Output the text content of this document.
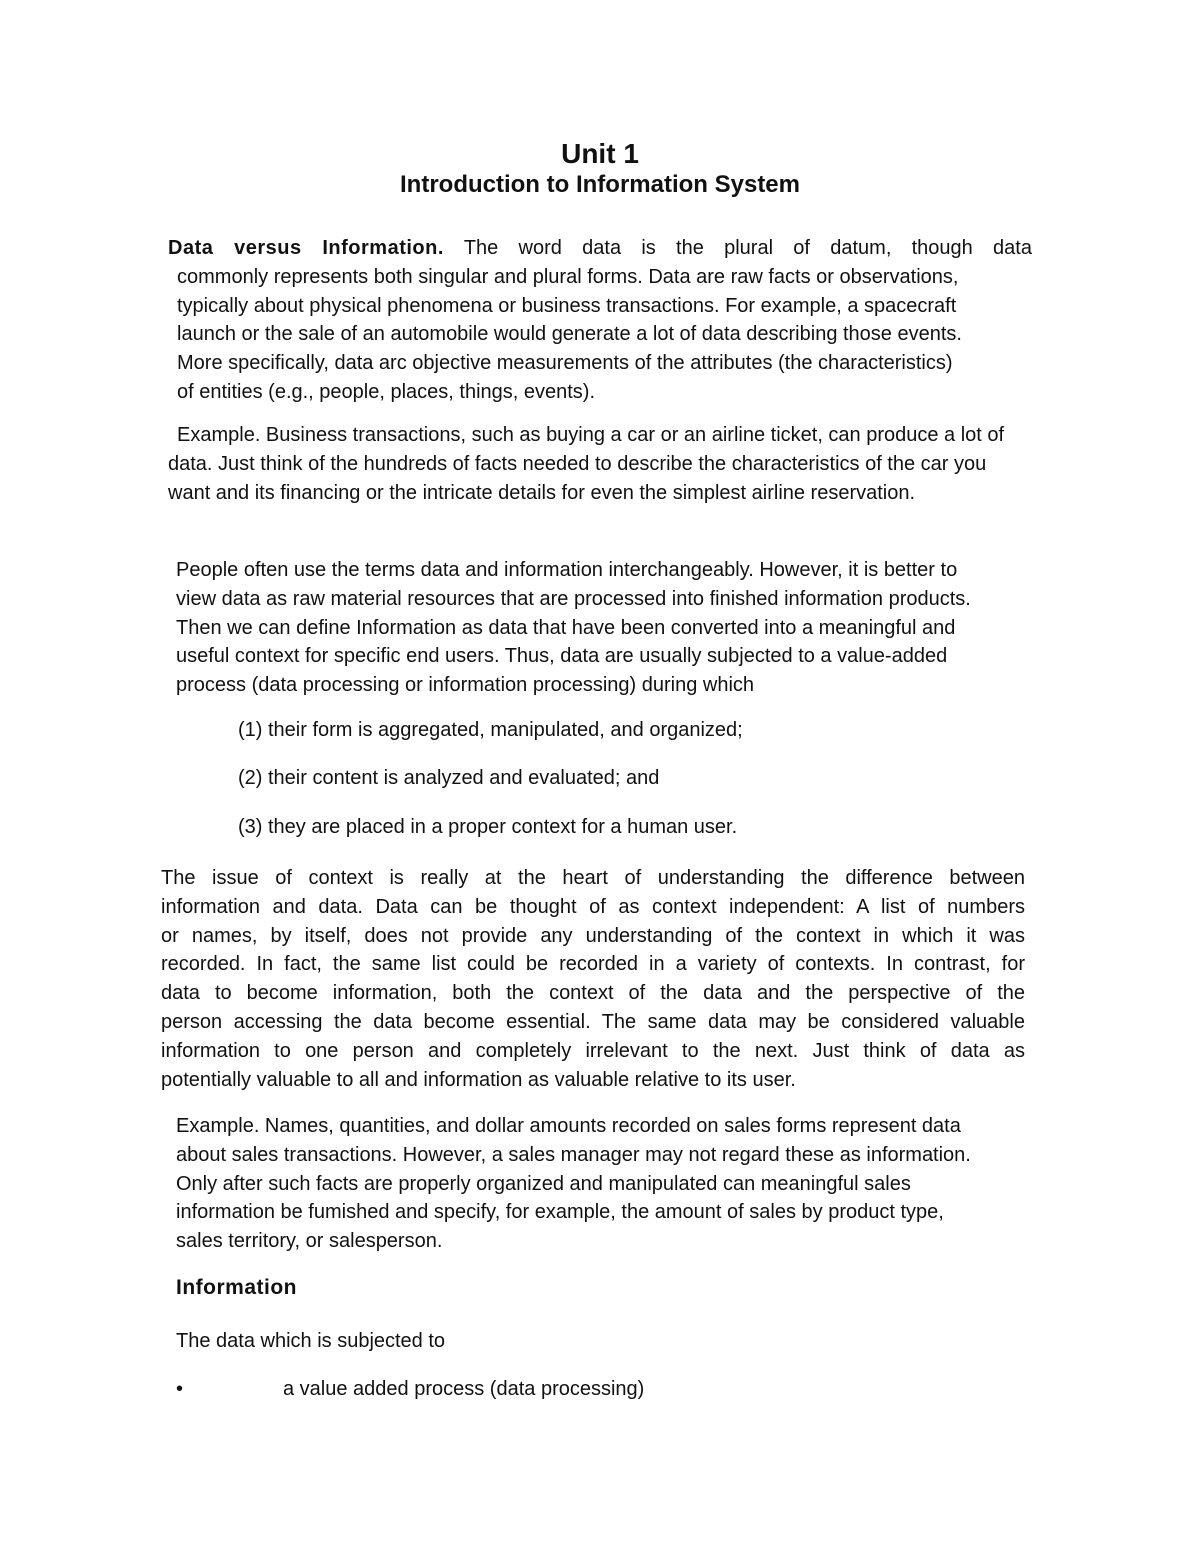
Unit 1
Introduction to Information System
Data versus Information. The word data is the plural of datum, though data
commonly represents both singular and plural forms. Data are raw facts or observations,
typically about physical phenomena or business transactions. For example, a spacecraft
launch or the sale of an automobile would generate a lot of data describing those events.
More specifically, data arc objective measurements of the attributes (the characteristics)
of entities (e.g., people, places, things, events).
Example. Business transactions, such as buying a car or an airline ticket, can produce a lot of
data. Just think of the hundreds of facts needed to describe the characteristics of the car you
want and its financing or the intricate details for even the simplest airline reservation.
People often use the terms data and information interchangeably. However, it is better to
view data as raw material resources that are processed into finished information products.
Then we can define Information as data that have been converted into a meaningful and
useful context for specific end users. Thus, data are usually subjected to a value-added
process (data processing or information processing) during which

(1) their form is aggregated, manipulated, and organized;

(2) their content is analyzed and evaluated; and

(3) they are placed in a proper context for a human user.

The issue of context is really at the heart of understanding the difference between
information and data. Data can be thought of as context independent: A list of numbers
or names, by itself, does not provide any understanding of the context in which it was
recorded. In fact, the same list could be recorded in a variety of contexts. In contrast, for
data to become information, both the context of the data and the perspective of the
person accessing the data become essential. The same data may be considered valuable
information to one person and completely irrelevant to the next. Just think of data as
potentially valuable to all and information as valuable relative to its user.
Example. Names, quantities, and dollar amounts recorded on sales forms represent data
about sales transactions. However, a sales manager may not regard these as information.
Only after such facts are properly organized and manipulated can meaningful sales
information be fumished and specify, for example, the amount of sales by product type,
sales territory, or salesperson.
Information

The data which is subjected to

•	a value added process (data processing)
